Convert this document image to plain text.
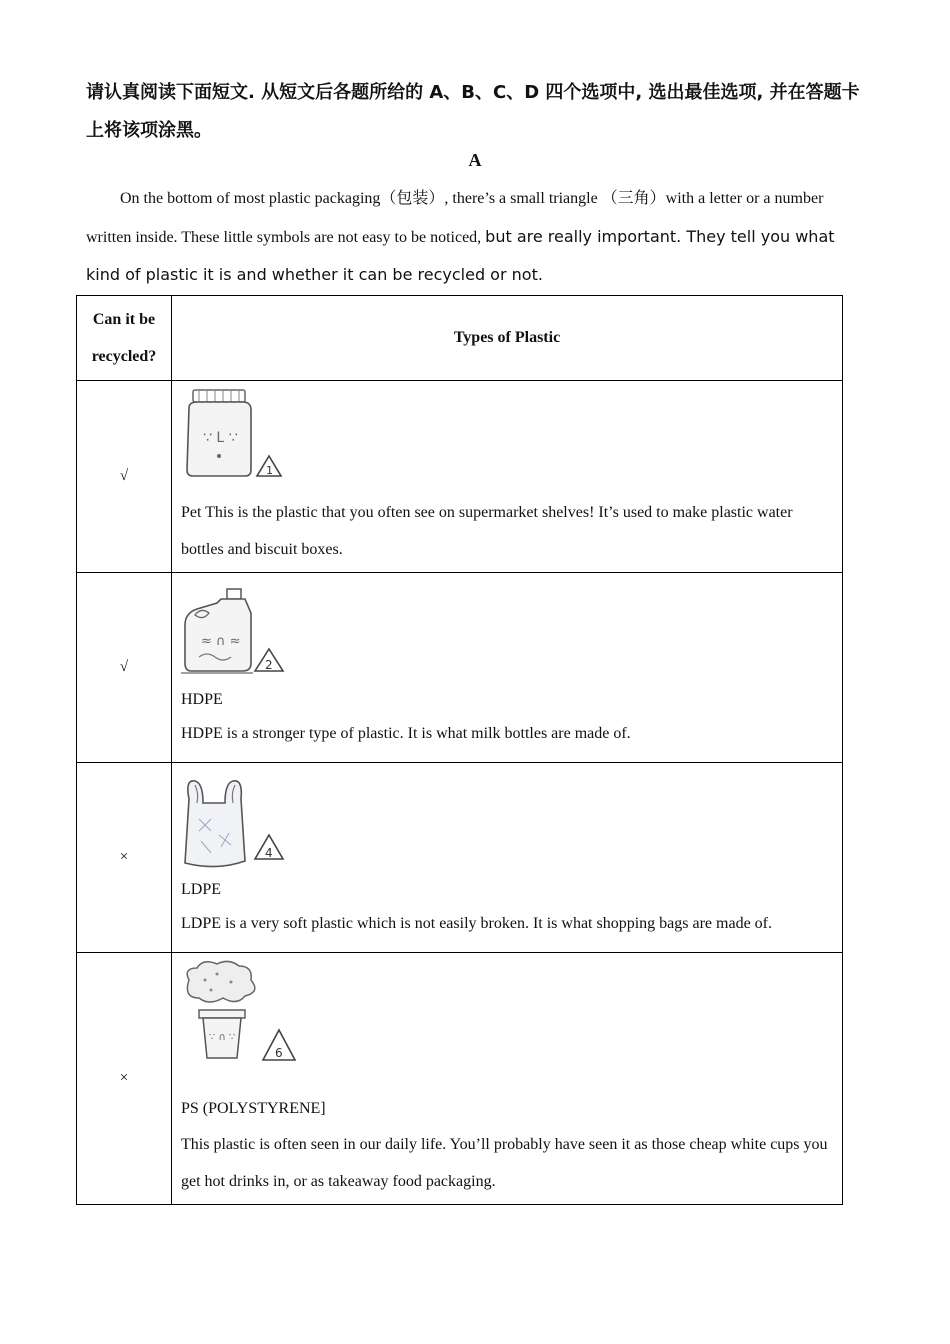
请认真阅读下面短文. 从短文后各题所给的 A、B、C、D 四个选项中, 选出最佳选项, 并在答题卡上将该项涂黑。
A
On the bottom of most plastic packaging（包装）, there’s a small triangle （三角）with a letter or a number written inside. These little symbols are not easy to be noticed, but are really important. They tell you what kind of plastic it is and whether it can be recycled or not.
Can it be recycled?	Types of Plastic
√	∵ L ∵
1
Pet This is the plastic that you often see on supermarket shelves! It’s used to make plastic water bottles and biscuit boxes.

√	≈ ∩ ≈
2
HDPE
HDPE is a stronger type of plastic. It is what milk bottles are made of.

×	4
LDPE
LDPE is a very soft plastic which is not easily broken. It is what shopping bags are made of.

×	∵ ∩ ∵
6
PS (POLYSTYRENE]
This plastic is often seen in our daily life. You’ll probably have seen it as those cheap white cups you get hot drinks in, or as takeaway food packaging.
